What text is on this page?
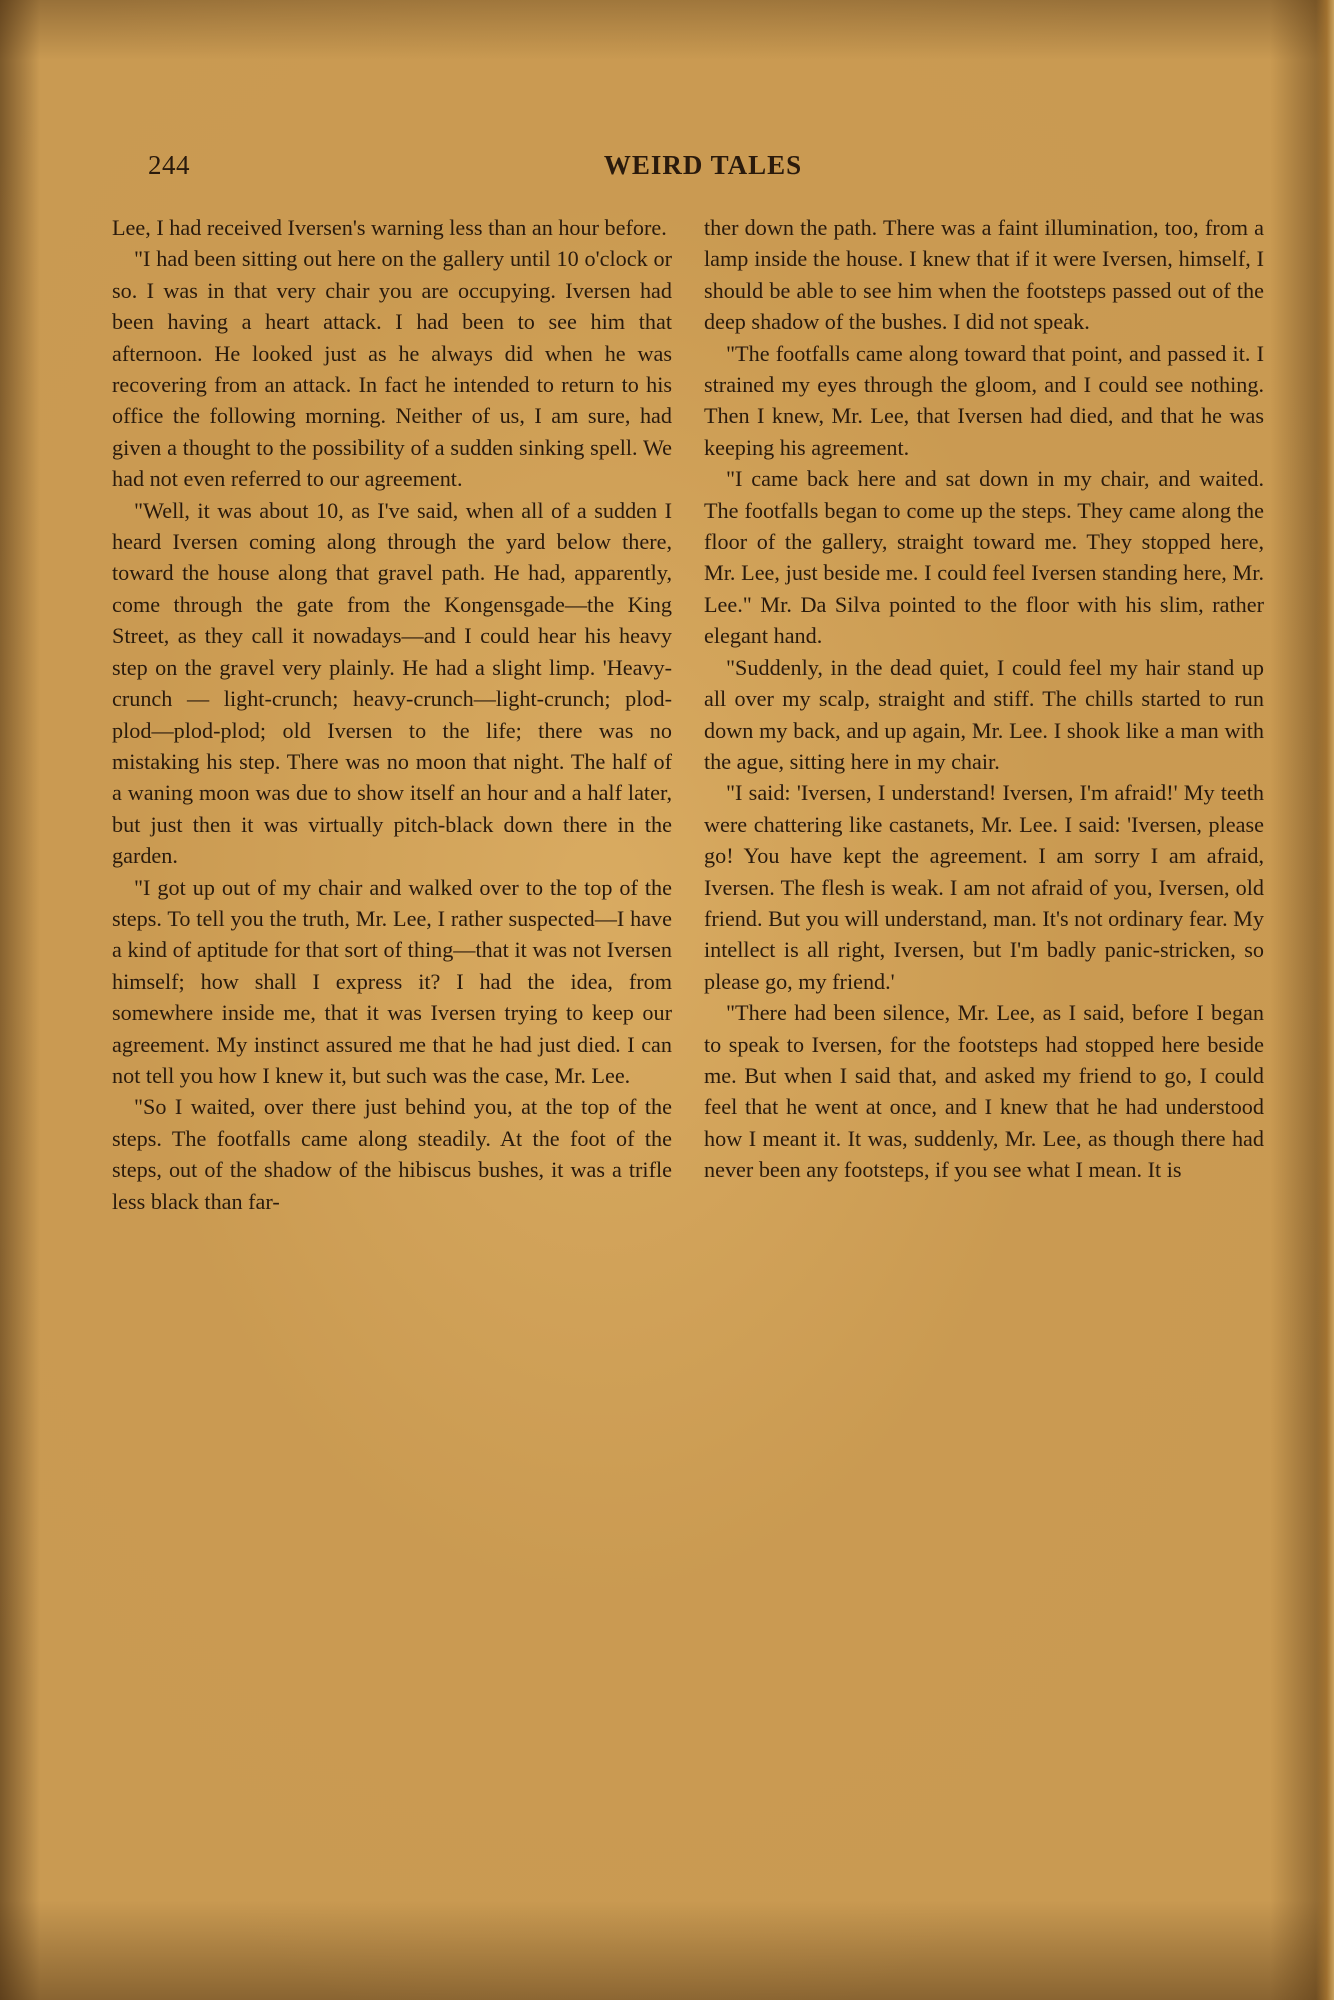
244	WEIRD TALES

Lee, I had received Iversen's warning less than an hour before.

"I had been sitting out here on the gallery until 10 o'clock or so. I was in that very chair you are occupying. Iversen had been having a heart attack. I had been to see him that afternoon. He looked just as he always did when he was recovering from an attack. In fact he intended to return to his office the following morning. Neither of us, I am sure, had given a thought to the possibility of a sudden sinking spell. We had not even referred to our agreement.

"Well, it was about 10, as I've said, when all of a sudden I heard Iversen coming along through the yard below there, toward the house along that gravel path. He had, apparently, come through the gate from the Kongensgade—the King Street, as they call it nowadays—and I could hear his heavy step on the gravel very plainly. He had a slight limp. 'Heavy-crunch — light-crunch; heavy-crunch—light-crunch; plod-plod—plod-plod; old Iversen to the life; there was no mistaking his step. There was no moon that night. The half of a waning moon was due to show itself an hour and a half later, but just then it was virtually pitch-black down there in the garden.

"I got up out of my chair and walked over to the top of the steps. To tell you the truth, Mr. Lee, I rather suspected—I have a kind of aptitude for that sort of thing—that it was not Iversen himself; how shall I express it? I had the idea, from somewhere inside me, that it was Iversen trying to keep our agreement. My instinct assured me that he had just died. I can not tell you how I knew it, but such was the case, Mr. Lee.

"So I waited, over there just behind you, at the top of the steps. The footfalls came along steadily. At the foot of the steps, out of the shadow of the hibiscus bushes, it was a trifle less black than far-

ther down the path. There was a faint illumination, too, from a lamp inside the house. I knew that if it were Iversen, himself, I should be able to see him when the footsteps passed out of the deep shadow of the bushes. I did not speak.

"The footfalls came along toward that point, and passed it. I strained my eyes through the gloom, and I could see nothing. Then I knew, Mr. Lee, that Iversen had died, and that he was keeping his agreement.

"I came back here and sat down in my chair, and waited. The footfalls began to come up the steps. They came along the floor of the gallery, straight toward me. They stopped here, Mr. Lee, just beside me. I could feel Iversen standing here, Mr. Lee." Mr. Da Silva pointed to the floor with his slim, rather elegant hand.

"Suddenly, in the dead quiet, I could feel my hair stand up all over my scalp, straight and stiff. The chills started to run down my back, and up again, Mr. Lee. I shook like a man with the ague, sitting here in my chair.

"I said: 'Iversen, I understand! Iversen, I'm afraid!' My teeth were chattering like castanets, Mr. Lee. I said: 'Iversen, please go! You have kept the agreement. I am sorry I am afraid, Iversen. The flesh is weak. I am not afraid of you, Iversen, old friend. But you will understand, man. It's not ordinary fear. My intellect is all right, Iversen, but I'm badly panic-stricken, so please go, my friend.'

"There had been silence, Mr. Lee, as I said, before I began to speak to Iversen, for the footsteps had stopped here beside me. But when I said that, and asked my friend to go, I could feel that he went at once, and I knew that he had understood how I meant it. It was, suddenly, Mr. Lee, as though there had never been any footsteps, if you see what I mean. It is
